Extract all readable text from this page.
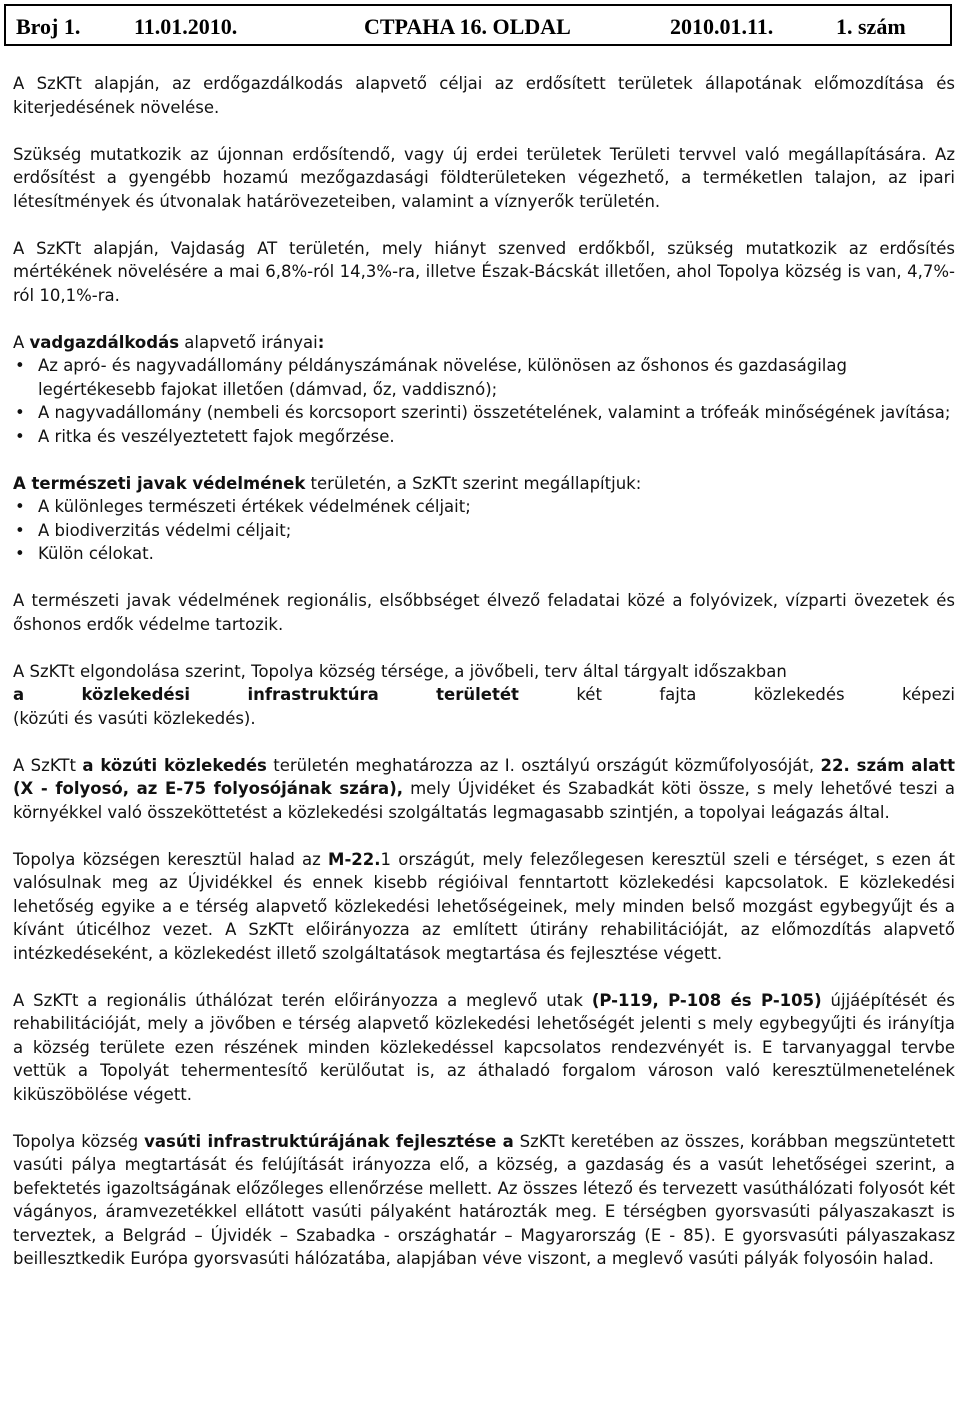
Broj 1. 11.01.2010.	CTPAHA 16. OLDAL	2010.01.11.	1. szám

A SzKTt alapján, az erdőgazdálkodás alapvető céljai az erdősített területek állapotának előmozdítása és kiterjedésének növelése.

Szükség mutatkozik az újonnan erdősítendő, vagy új erdei területek Területi tervvel való megállapítására. Az erdősítést a gyengébb hozamú mezőgazdasági földterületeken végezhető, a terméketlen talajon, az ipari létesítmények és útvonalak határövezeteiben, valamint a víznyerők területén.

A SzKTt alapján, Vajdaság AT területén, mely hiányt szenved erdőkből, szükség mutatkozik az erdősítés mértékének növelésére a mai 6,8%-ról 14,3%-ra, illetve Észak-Bácskát illetően, ahol Topolya község is van, 4,7%-ról 10,1%-ra.

A vadgazdálkodás alapvető irányai:

• Az apró- és nagyvadállomány példányszámának növelése, különösen az őshonos és gazdaságilag legértékesebb fajokat illetően (dámvad, őz, vaddisznó);
• A nagyvadállomány (nembeli és korcsoport szerinti) összetételének, valamint a trófeák minőségének javítása;
• A ritka és veszélyeztetett fajok megőrzése.

A természeti javak védelmének területén, a SzKTt szerint megállapítjuk:

• A különleges természeti értékek védelmének céljait;
• A biodiverzitás védelmi céljait;
• Külön célokat.

A természeti javak védelmének regionális, elsőbbséget élvező feladatai közé a folyóvizek, vízparti övezetek és őshonos erdők védelme tartozik.

A SzKTt elgondolása szerint, Topolya község térsége, a jövőbeli, terv által tárgyalt időszakban
a	közlekedési	infrastruktúra	területét	két	fajta	közlekedés	képezi
(közúti és vasúti közlekedés).

A SzKTt a közúti közlekedés területén meghatározza az I. osztályú országút közműfolyosóját, 22. szám alatt (X - folyosó, az E-75 folyosójának szára), mely Újvidéket és Szabadkát köti össze, s mely lehetővé teszi a környékkel való összeköttetést a közlekedési szolgáltatás legmagasabb szintjén, a topolyai leágazás által.

Topolya községen keresztül halad az M-22.1 országút, mely felezőlegesen keresztül szeli e térséget, s ezen át valósulnak meg az Újvidékkel és ennek kisebb régióival fenntartott közlekedési kapcsolatok. E közlekedési lehetőség egyike a e térség alapvető közlekedési lehetőségeinek, mely minden belső mozgást egybegyűjt és a kívánt úticélhoz vezet. A SzKTt előirányozza az említett útirány rehabilitációját, az előmozdítás alapvető intézkedéseként, a közlekedést illető szolgáltatások megtartása és fejlesztése végett.

A SzKTt a regionális úthálózat terén előirányozza a meglevő utak (P-119, P-108 és P-105) újjáépítését és rehabilitációját, mely a jövőben e térség alapvető közlekedési lehetőségét jelenti s mely egybegyűjti és irányítja a község területe ezen részének minden közlekedéssel kapcsolatos rendezvényét is. E tarvanyaggal tervbe vettük a Topolyát tehermentesítő kerülőutat is, az áthaladó forgalom városon való keresztülmenetelének kiküszöbölése végett.

Topolya község vasúti infrastruktúrájának fejlesztése a SzKTt keretében az összes, korábban megszüntetett vasúti pálya megtartását és felújítását irányozza elő, a község, a gazdaság és a vasút lehetőségei szerint, a befektetés igazoltságának előzőleges ellenőrzése mellett. Az összes létező és tervezett vasúthálózati folyosót két vágányos, áramvezetékkel ellátott vasúti pályaként határozták meg. E térségben gyorsvasúti pályaszakaszt is terveztek, a Belgrád – Újvidék – Szabadka - országhatár – Magyarország (E - 85). E gyorsvasúti pályaszakasz beillesztkedik Európa gyorsvasúti hálózatába, alapjában véve viszont, a meglevő vasúti pályák folyosóin halad.
